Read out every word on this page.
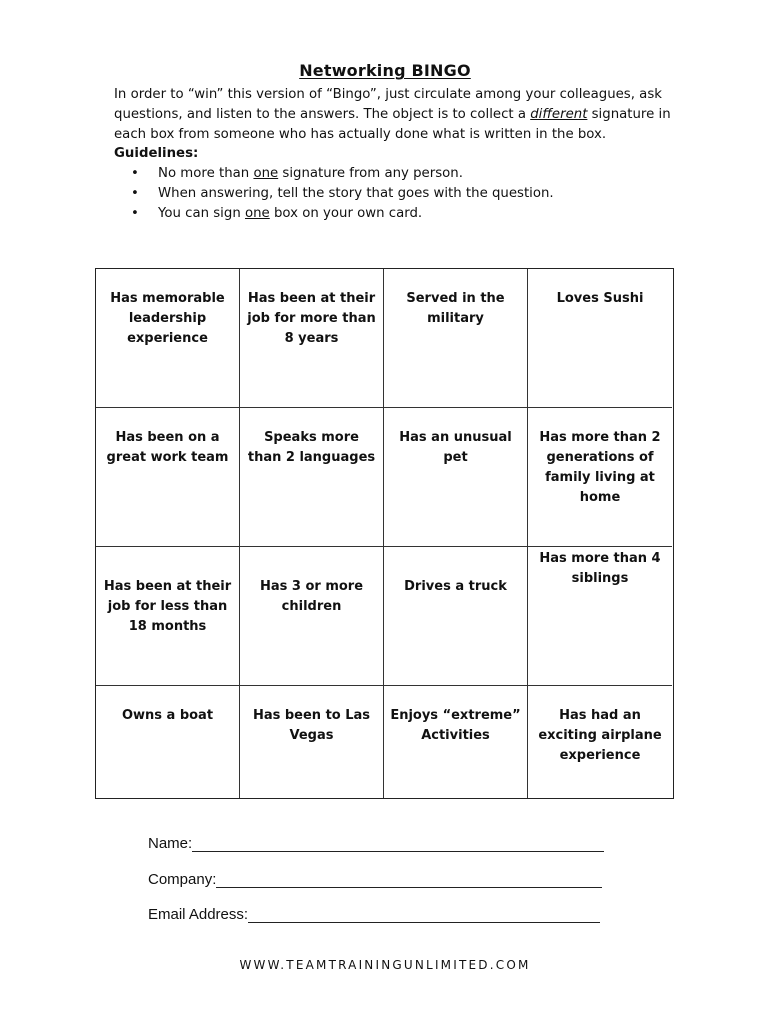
Networking BINGO

In order to “win” this version of “Bingo”, just circulate among your colleagues, ask questions, and listen to the answers. The object is to collect a different signature in each box from someone who has actually done what is written in the box.

Guidelines:
• No more than one signature from any person.
• When answering, tell the story that goes with the question.
• You can sign one box on your own card.
Has memorable leadership experience
Has been at their job for more than 8 years
Served in the military
Loves Sushi
Has been on a great work team
Speaks more than 2 languages
Has an unusual pet
Has more than 2 generations of family living at home
Has been at their job for less than 18 months
Has 3 or more children
Drives a truck
Has more than 4 siblings
Owns a boat	Has been to Las Vegas
Enjoys “extreme” Activities
Has had an exciting airplane experience
Name:
Company:
Email Address:
WWW.TEAMTRAININGUNLIMITED.COM
